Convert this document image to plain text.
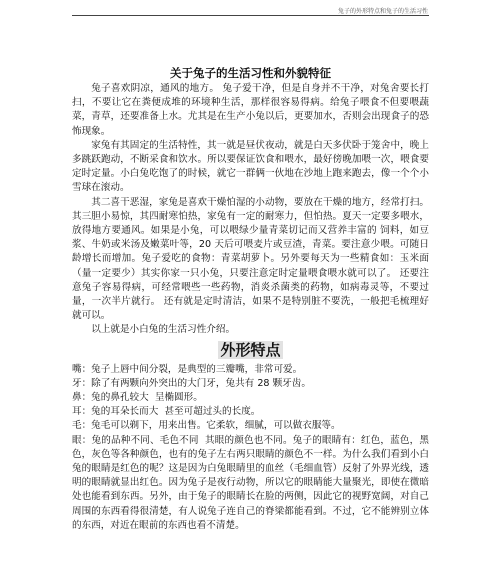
兔子的外形特点和兔子的生活习性
关于兔子的生活习性和外貌特征

兔子喜欢阴凉，通风的地方。 兔子爱干净，但是自身并不干净，对兔舍要长打扫，不要让它在粪便成堆的环境种生活，那样很容易得病。给兔子喂食不但要喂蔬菜，青草，还要准备上水。尤其是在生产小兔以后，更要加水，否则会出现食子的恐怖现象。

家兔有其固定的生活特性，其一就是昼伏夜动，就是白天多伏卧于笼舍中，晚上多跳跃跑动，不断采食和饮水。所以要保证饮食和喂水，最好傍晚加喂一次，喂食要定时定量。小白兔吃饱了的时候，就它一群俩一伙地在沙地上跑来跑去，像一个个小雪球在滚动。

其二喜干恶湿，家兔是喜欢干燥怕湿的小动物，要放在干燥的地方，经常打扫。其三胆小易惊，其四耐寒怕热，家兔有一定的耐寒力，但怕热。夏天一定要多喂水，放得地方要通风。如果是小兔，可以喂绿少量青菜切记而又营养丰富的 饲料，如豆浆、牛奶或米汤及嫩菜叶等，20 天后可喂麦片或豆渣，青菜。要注意少喂。可随日龄增长而增加。兔子爱吃的食物：青菜胡萝卜。另外要每天为一些精食如：玉米面（量一定要少）其实你家一只小兔，只要注意定时定量喂食喂水就可以了。 还要注意兔子容易得病，可经常喂些一些药物，消炎杀菌类的药物，如病毒灵等，不要过量，一次半片就行。 还有就是定时清洁，如果不是特别脏不要洗，一般把毛梳理好就可以。

以上就是小白兔的生活习性介绍。

外形特点

嘴：兔子上唇中间分裂，是典型的三瓣嘴，非常可爱。

牙：除了有两颗向外突出的大门牙，兔共有 28 颗牙齿。

鼻：兔的鼻孔较大  呈椭圆形。

耳：兔的耳朵长而大  甚至可超过头的长度。

毛：兔毛可以剃下，用来出售。它柔软，细腻，可以做衣服等。

眼：兔的品种不同、毛色不同  其眼的颜色也不同。兔子的眼睛有：红色，蓝色，黑色，灰色等各种颜色，也有的兔子左右两只眼睛的颜色不一样。为什么我们看到小白兔的眼睛是红色的呢？这是因为白兔眼睛里的血丝（毛细血管）反射了外界光线，透明的眼睛就显出红色。因为兔子是夜行动物，所以它的眼睛能大量聚光，即使在微暗处也能看到东西。另外，由于兔子的眼睛长在脸的两侧，因此它的视野宽阔，对自己周围的东西看得很清楚，有人说兔子连自己的脊梁都能看到。不过，它不能辨别立体的东西，对近在眼前的东西也看不清楚。
